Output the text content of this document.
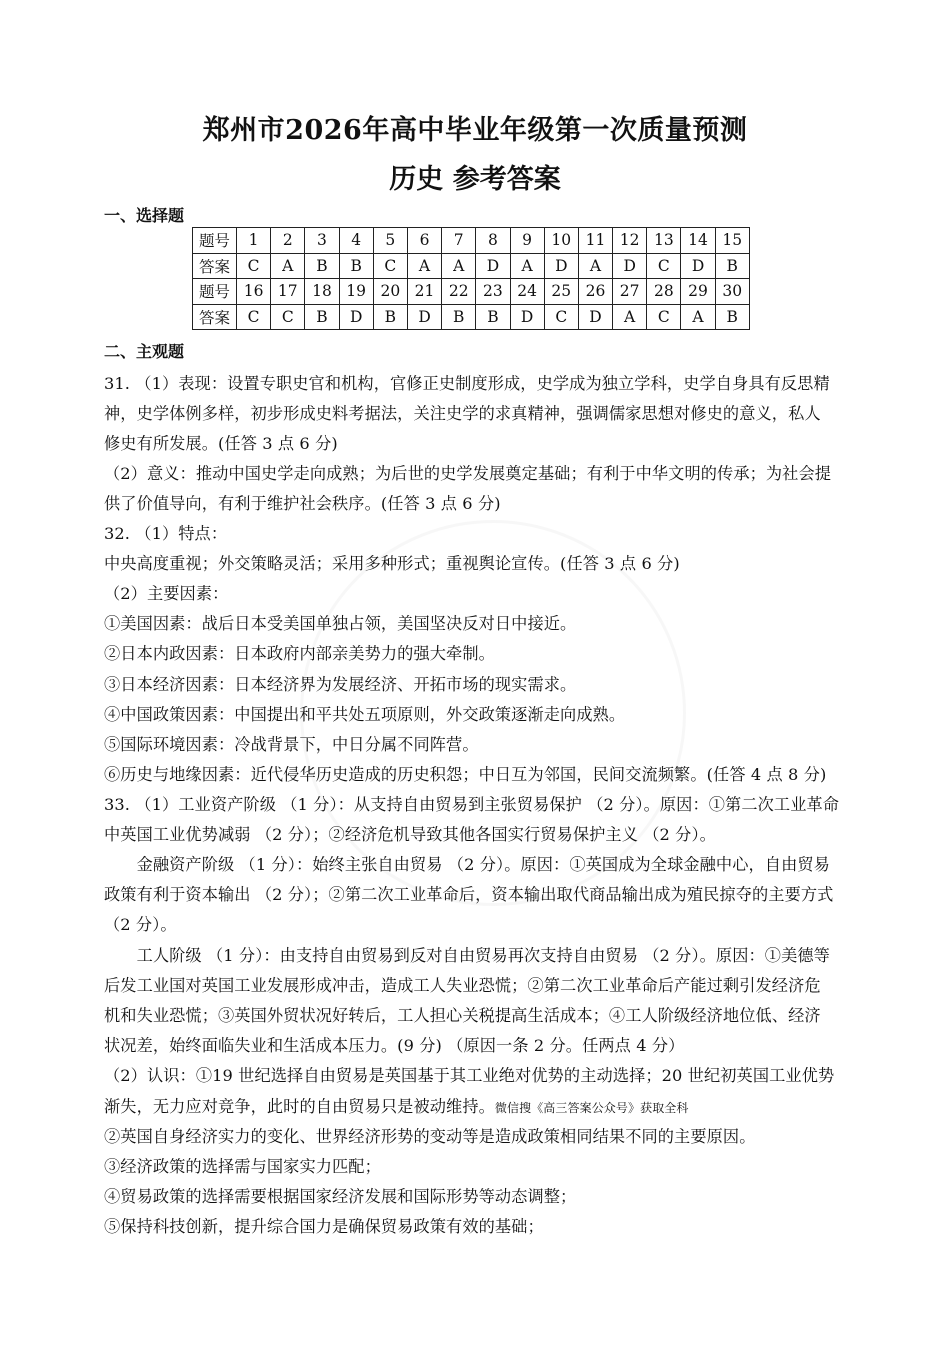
郑州市2026年高中毕业年级第一次质量预测
历史 参考答案
一、选择题
题号	1	2	3	4	5	6	7	8	9	10	11	12	13	14	15
答案	C	A	B	B	C	A	A	D	A	D	A	D	C	D	B
题号	16	17	18	19	20	21	22	23	24	25	26	27	28	29	30
答案	C	C	B	D	B	D	B	B	D	C	D	A	C	A	B
二、主观题
31. （1）表现：设置专职史官和机构，官修正史制度形成，史学成为独立学科，史学自身具有反思精
神，史学体例多样，初步形成史料考据法，关注史学的求真精神，强调儒家思想对修史的意义，私人
修史有所发展。(任答 3 点 6 分)
（2）意义：推动中国史学走向成熟；为后世的史学发展奠定基础；有利于中华文明的传承；为社会提
供了价值导向，有利于维护社会秩序。(任答 3 点 6 分)
32. （1）特点：
中央高度重视；外交策略灵活；采用多种形式；重视舆论宣传。(任答 3 点 6 分)
（2）主要因素：
①美国因素：战后日本受美国单独占领，美国坚决反对日中接近。
②日本内政因素：日本政府内部亲美势力的强大牵制。
③日本经济因素：日本经济界为发展经济、开拓市场的现实需求。
④中国政策因素：中国提出和平共处五项原则，外交政策逐渐走向成熟。
⑤国际环境因素：冷战背景下，中日分属不同阵营。
⑥历史与地缘因素：近代侵华历史造成的历史积怨；中日互为邻国，民间交流频繁。(任答 4 点 8 分)
33. （1）工业资产阶级 （1 分）：从支持自由贸易到主张贸易保护 （2 分）。原因：①第二次工业革命
中英国工业优势减弱 （2 分）；②经济危机导致其他各国实行贸易保护主义 （2 分）。
　　金融资产阶级 （1 分）：始终主张自由贸易 （2 分）。原因：①英国成为全球金融中心，自由贸易
政策有利于资本输出 （2 分）；②第二次工业革命后，资本输出取代商品输出成为殖民掠夺的主要方式
（2 分）。
　　工人阶级 （1 分）：由支持自由贸易到反对自由贸易再次支持自由贸易 （2 分）。原因：①美德等
后发工业国对英国工业发展形成冲击，造成工人失业恐慌；②第二次工业革命后产能过剩引发经济危
机和失业恐慌；③英国外贸状况好转后，工人担心关税提高生活成本；④工人阶级经济地位低、经济
状况差，始终面临失业和生活成本压力。(9 分) （原因一条 2 分。任两点 4 分）
（2）认识：①19 世纪选择自由贸易是英国基于其工业绝对优势的主动选择；20 世纪初英国工业优势
渐失，无力应对竞争，此时的自由贸易只是被动维持。微信搜《高三答案公众号》获取全科
②英国自身经济实力的变化、世界经济形势的变动等是造成政策相同结果不同的主要原因。
③经济政策的选择需与国家实力匹配；
④贸易政策的选择需要根据国家经济发展和国际形势等动态调整；
⑤保持科技创新，提升综合国力是确保贸易政策有效的基础；
